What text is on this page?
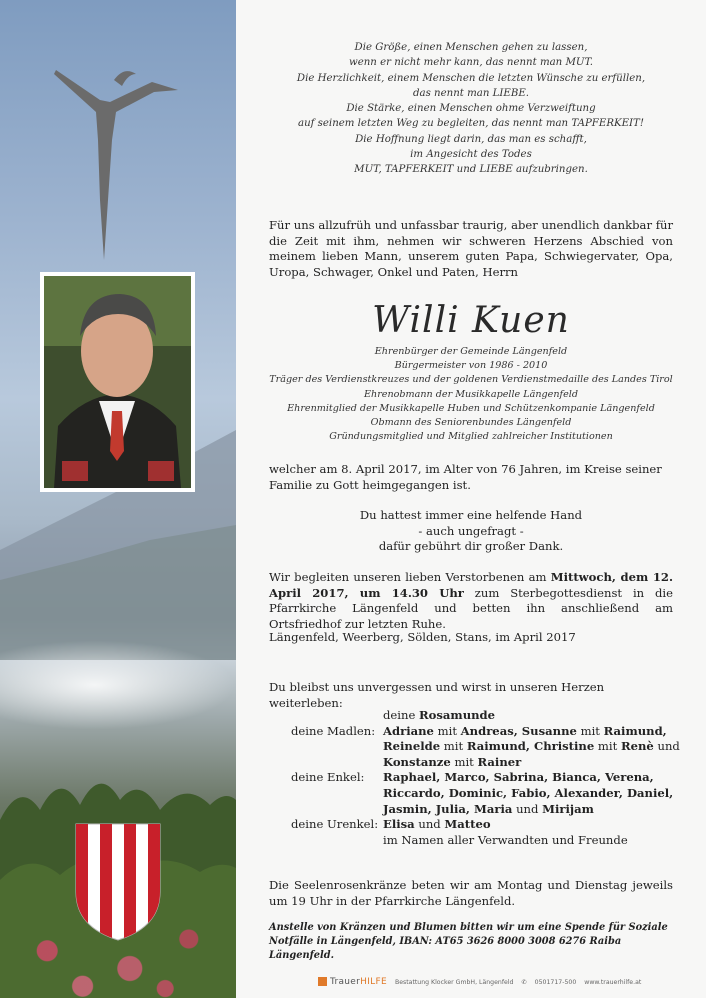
Die Größe, einen Menschen gehen zu lassen,
wenn er nicht mehr kann, das nennt man MUT.
Die Herzlichkeit, einem Menschen die letzten Wünsche zu erfüllen,
das nennt man LIEBE.
Die Stärke, einen Menschen ohme Verzweiftung
auf seinem letzten Weg zu begleiten, das nennt man TAPFERKEIT!
Die Hoffnung liegt darin, das man es schafft,
im Angesicht des Todes
MUT, TAPFERKEIT und LIEBE aufzubringen.
Für uns allzufrüh und unfassbar traurig, aber unendlich dankbar für die Zeit mit ihm, nehmen wir schweren Herzens Abschied von meinem lieben Mann, unserem guten Papa, Schwiegervater, Opa, Uropa, Schwager, Onkel und Paten, Herrn
Willi Kuen
Ehrenbürger der Gemeinde Längenfeld
Bürgermeister von 1986 - 2010
Träger des Verdienstkreuzes und der goldenen Verdienstmedaille des Landes Tirol
Ehrenobmann der Musikkapelle Längenfeld
Ehrenmitglied der Musikkapelle Huben und Schützenkompanie Längenfeld
Obmann des Seniorenbundes Längenfeld
Gründungsmitglied und Mitglied zahlreicher Institutionen
welcher am 8. April 2017, im Alter von 76 Jahren, im Kreise seiner Familie zu Gott heimgegangen ist.
Du hattest immer eine helfende Hand
- auch ungefragt -
dafür gebührt dir großer Dank.
Wir begleiten unseren lieben Verstorbenen am Mittwoch, dem 12. April 2017, um 14.30 Uhr zum Sterbegottesdienst in die Pfarrkirche Längenfeld und betten ihn anschließend am Ortsfriedhof zur letzten Ruhe.
Längenfeld, Weerberg, Sölden, Stans, im April 2017
Du bleibst uns unvergessen und wirst in unseren Herzen weiterleben:
deine Rosamunde
deine Madlen: Adriane mit Andreas, Susanne mit Raimund,
Reinelde mit Raimund, Christine mit Renè und
Konstanze mit Rainer
deine Enkel:	Raphael, Marco, Sabrina, Bianca, Verena,
Riccardo, Dominic, Fabio, Alexander, Daniel,
Jasmin, Julia, Maria und Mirijam
deine Urenkel: Elisa und Matteo
im Namen aller Verwandten und Freunde
Die Seelenrosenkränze beten wir am Montag und Dienstag jeweils um 19 Uhr in der Pfarrkirche Längenfeld.
Anstelle von Kränzen und Blumen bitten wir um eine Spende für Soziale Notfälle in Längenfeld, IBAN: AT65 3626 8000 3008 6276 Raiba Längenfeld.
TrauerHILFE Bestattung Klocker GmbH, Längenfeld ✆ 0501717-500 www.trauerhilfe.at
